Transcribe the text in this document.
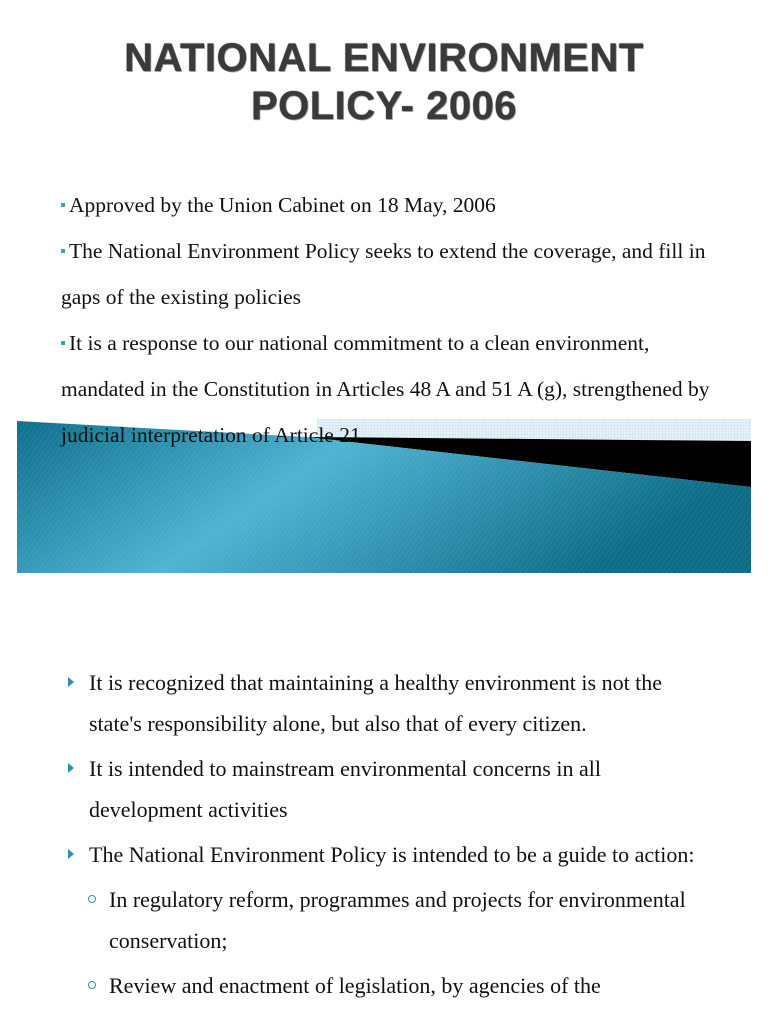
NATIONAL ENVIRONMENT
POLICY- 2006
Approved by the Union Cabinet on 18 May, 2006
The National Environment Policy seeks to extend the coverage, and fill in gaps of the existing policies
It is a response to our national commitment to a clean environment, mandated in the Constitution in Articles 48 A and 51 A (g), strengthened by judicial interpretation of Article 21
It is recognized that maintaining a healthy environment is not the state's responsibility alone, but also that of every citizen.
It is intended to mainstream environmental concerns in all development activities
The National Environment Policy is intended to be a guide to action:
In regulatory reform, programmes and projects for environmental conservation;
Review and enactment of legislation, by agencies of the
